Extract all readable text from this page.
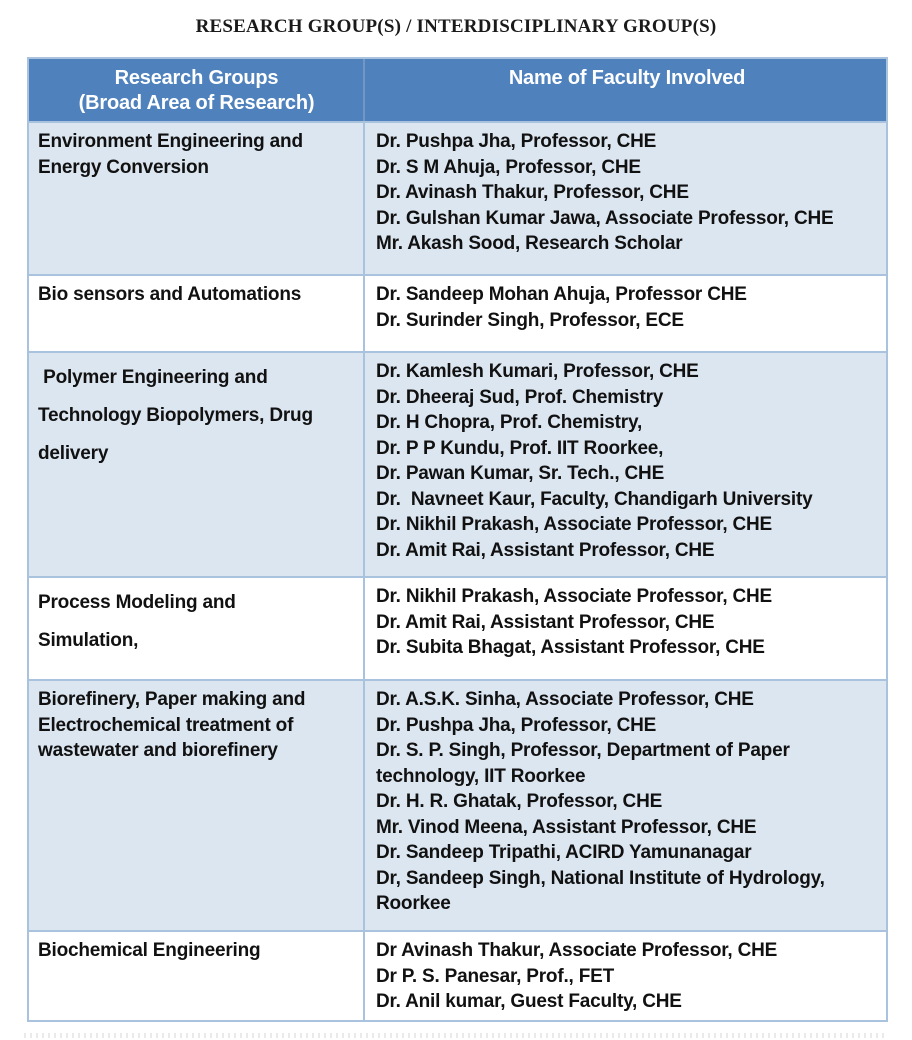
RESEARCH GROUP(S) / INTERDISCIPLINARY GROUP(S)
Research Groups
(Broad Area of Research)
Name of Faculty Involved
Environment Engineering and
Energy Conversion
Dr. Pushpa Jha, Professor, CHE
Dr. S M Ahuja, Professor, CHE
Dr. Avinash Thakur, Professor, CHE
Dr. Gulshan Kumar Jawa, Associate Professor, CHE
Mr. Akash Sood, Research Scholar
Bio sensors and Automations	Dr. Sandeep Mohan Ahuja, Professor CHE
Dr. Surinder Singh, Professor, ECE
Polymer Engineering and
Technology Biopolymers, Drug
delivery
Dr. Kamlesh Kumari, Professor, CHE
Dr. Dheeraj Sud, Prof. Chemistry
Dr. H Chopra, Prof. Chemistry,
Dr. P P Kundu, Prof. IIT Roorkee,
Dr. Pawan Kumar, Sr. Tech., CHE
Dr.  Navneet Kaur, Faculty, Chandigarh University
Dr. Nikhil Prakash, Associate Professor, CHE
Dr. Amit Rai, Assistant Professor, CHE
Process Modeling and
Simulation,
Dr. Nikhil Prakash, Associate Professor, CHE
Dr. Amit Rai, Assistant Professor, CHE
Dr. Subita Bhagat, Assistant Professor, CHE
Biorefinery, Paper making and
Electrochemical treatment of
wastewater and biorefinery
Dr. A.S.K. Sinha, Associate Professor, CHE
Dr. Pushpa Jha, Professor, CHE
Dr. S. P. Singh, Professor, Department of Paper technology, IIT Roorkee
Dr. H. R. Ghatak, Professor, CHE
Mr. Vinod Meena, Assistant Professor, CHE
Dr. Sandeep Tripathi, ACIRD Yamunanagar
Dr, Sandeep Singh, National Institute of Hydrology, Roorkee
Biochemical Engineering	Dr Avinash Thakur, Associate Professor, CHE
Dr P. S. Panesar, Prof., FET
Dr. Anil kumar, Guest Faculty, CHE
